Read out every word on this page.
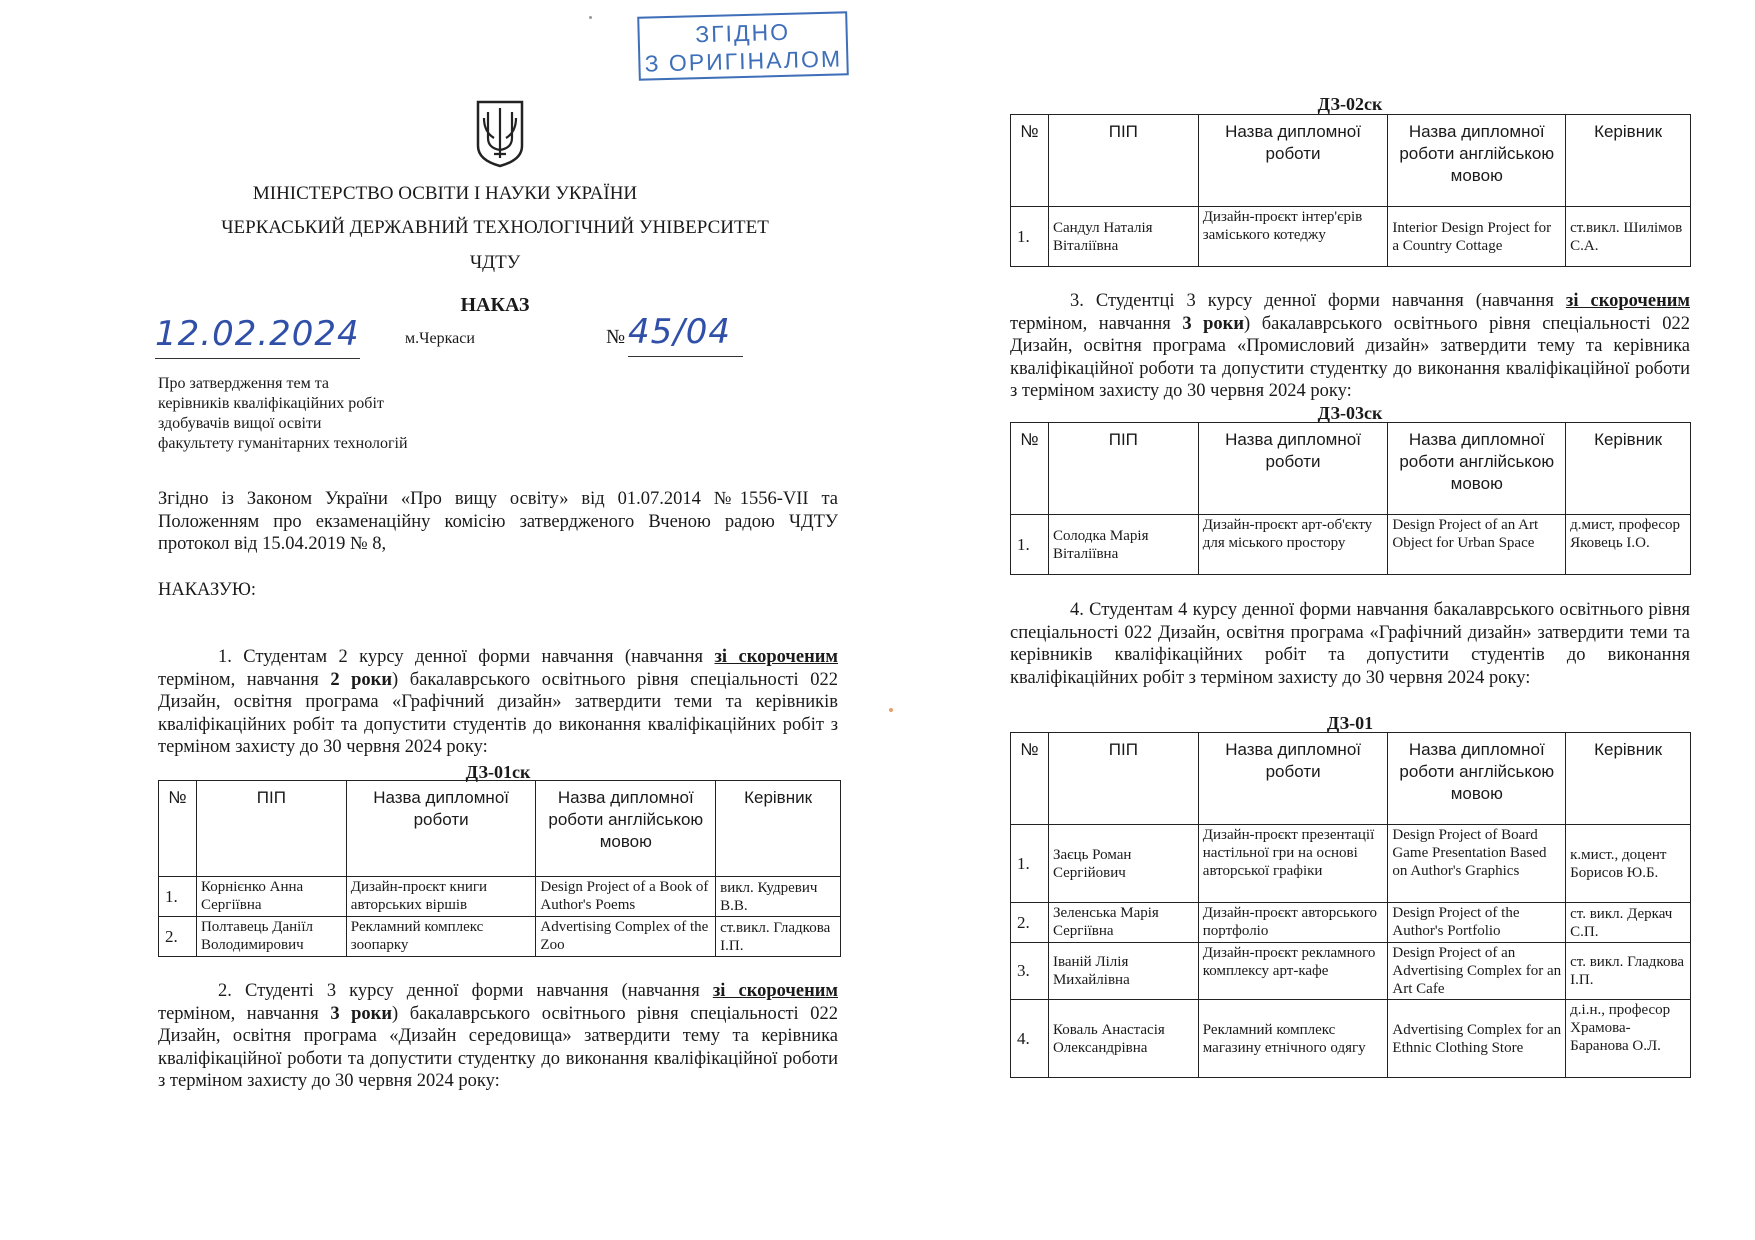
ЗГІДНО
З ОРИГІНАЛОМ
МІНІСТЕРСТВО ОСВІТИ І НАУКИ УКРАЇНИ
ЧЕРКАСЬКИЙ ДЕРЖАВНИЙ ТЕХНОЛОГІЧНИЙ УНІВЕРСИТЕТ
ЧДТУ
НАКАЗ
12.02.2024	м.Черкаси	№ 45/04
Про затвердження тем та
керівників кваліфікаційних робіт
здобувачів вищої освіти
факультету гуманітарних технологій
Згідно із Законом України «Про вищу освіту» від 01.07.2014 №1556-VII та Положенням про екзаменаційну комісію затвердженого Вченою радою ЧДТУ протокол від 15.04.2019 № 8,
НАКАЗУЮ:
1. Студентам 2 курсу денної форми навчання (навчання зі скороченим терміном, навчання 2 роки) бакалаврського освітнього рівня спеціальності 022 Дизайн, освітня програма «Графічний дизайн» затвердити теми та керівників кваліфікаційних робіт та допустити студентів до виконання кваліфікаційних робіт з терміном захисту до 30 червня 2024 року:
ДЗ-01ск
№	ПІП	Назва дипломної роботи	Назва дипломної роботи англійською мовою	Керівник
1.	Корнієнко Анна Сергіївна	Дизайн-проєкт книги авторських віршів	Design Project of a Book of Author's Poems	викл. Кудревич В.В.
2.	Полтавець Даніїл Володимирович	Рекламний комплекс зоопарку	Advertising Complex of the Zoo	ст.викл. Гладкова І.П.
2. Студенті 3 курсу денної форми навчання (навчання зі скороченим терміном, навчання 3 роки) бакалаврського освітнього рівня спеціальності 022 Дизайн, освітня програма «Дизайн середовища» затвердити тему та керівника кваліфікаційної роботи та допустити студентку до виконання кваліфікаційної роботи з терміном захисту до 30 червня 2024 року:
ДЗ-02ск
№	ПІП	Назва дипломної роботи	Назва дипломної роботи англійською мовою	Керівник
1.	Сандул Наталія Віталіївна	Дизайн-проєкт інтер'єрів заміського котеджу	Interior Design Project for a Country Cottage	ст.викл. Шилімов С.А.
3. Студентці 3 курсу денної форми навчання (навчання зі скороченим терміном, навчання 3 роки) бакалаврського освітнього рівня спеціальності 022 Дизайн, освітня програма «Промисловий дизайн» затвердити тему та керівника кваліфікаційної роботи та допустити студентку до виконання кваліфікаційної роботи з терміном захисту до 30 червня 2024 року:
ДЗ-03ск
№	ПІП	Назва дипломної роботи	Назва дипломної роботи англійською мовою	Керівник
1.	Солодка Марія Віталіївна	Дизайн-проєкт арт-об'єкту для міського простору	Design Project of an Art Object for Urban Space	д.мист, професор Яковець І.О.
4. Студентам 4 курсу денної форми навчання бакалаврського освітнього рівня спеціальності 022 Дизайн, освітня програма «Графічний дизайн» затвердити теми та керівників кваліфікаційних робіт та допустити студентів до виконання кваліфікаційних робіт з терміном захисту до 30 червня 2024 року:
ДЗ-01
№	ПІП	Назва дипломної роботи	Назва дипломної роботи англійською мовою	Керівник
1.	Заєць Роман Сергійович	Дизайн-проєкт презентації настільної гри на основі авторської графіки	Design Project of Board Game Presentation Based on Author's Graphics	к.мист., доцент Борисов Ю.Б.
2.	Зеленська Марія Сергіївна	Дизайн-проєкт авторського портфоліо	Design Project of the Author's Portfolio	ст. викл. Деркач С.П.
3.	Іваній Лілія Михайлівна	Дизайн-проєкт рекламного комплексу арт-кафе	Design Project of an Advertising Complex for an Art Cafe	ст. викл. Гладкова І.П.
4.	Коваль Анастасія Олександрівна	Рекламний комплекс магазину етнічного одягу	Advertising Complex for an Ethnic Clothing Store	д.і.н., професор Храмова-Баранова О.Л.
